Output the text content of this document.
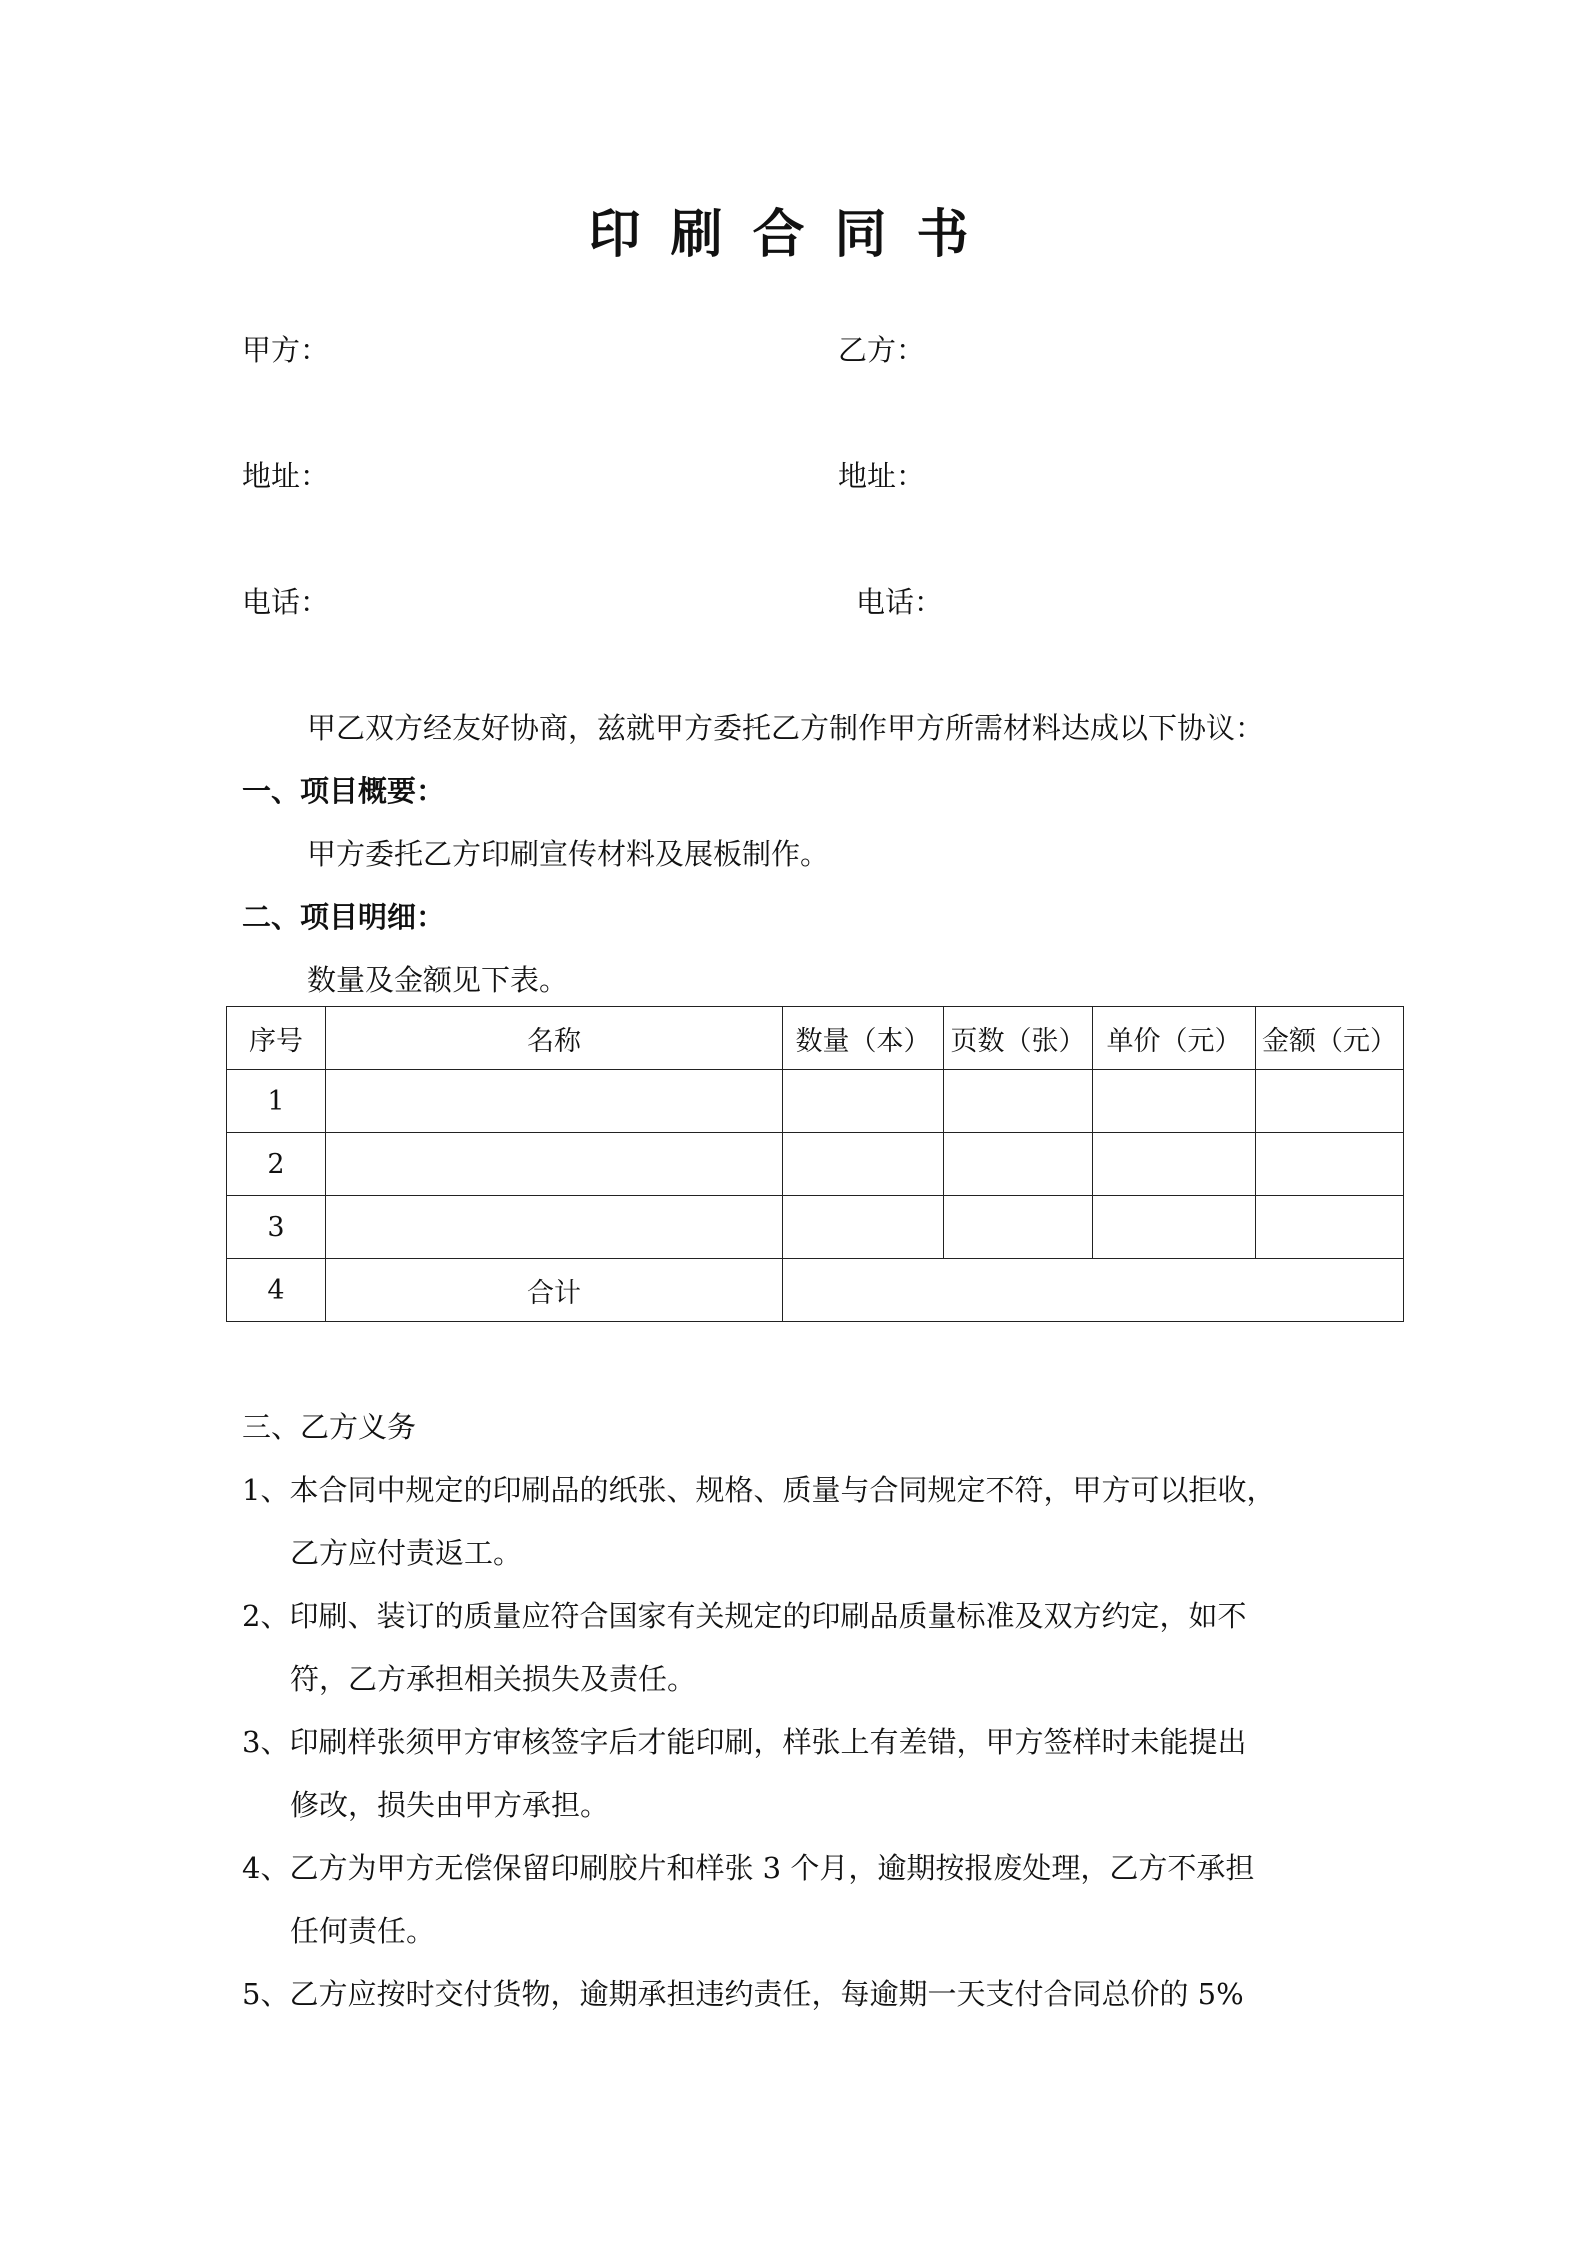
印刷合同书
甲方：	乙方：
地址：	地址：
电话：	电话：
甲乙双方经友好协商，兹就甲方委托乙方制作甲方所需材料达成以下协议：
一、项目概要：
甲方委托乙方印刷宣传材料及展板制作。
二、项目明细：
数量及金额见下表。
序号	名称	数量（本）	页数（张）	单价（元）	金额（元）
1					
2					
3					
4	合计				
三、乙方义务
1、本合同中规定的印刷品的纸张、规格、质量与合同规定不符，甲方可以拒收，
乙方应付责返工。
2、印刷、装订的质量应符合国家有关规定的印刷品质量标准及双方约定，如不
符，乙方承担相关损失及责任。
3、印刷样张须甲方审核签字后才能印刷，样张上有差错，甲方签样时未能提出
修改，损失由甲方承担。
4、乙方为甲方无偿保留印刷胶片和样张 3 个月，逾期按报废处理，乙方不承担
任何责任。
5、乙方应按时交付货物，逾期承担违约责任，每逾期一天支付合同总价的 5%
